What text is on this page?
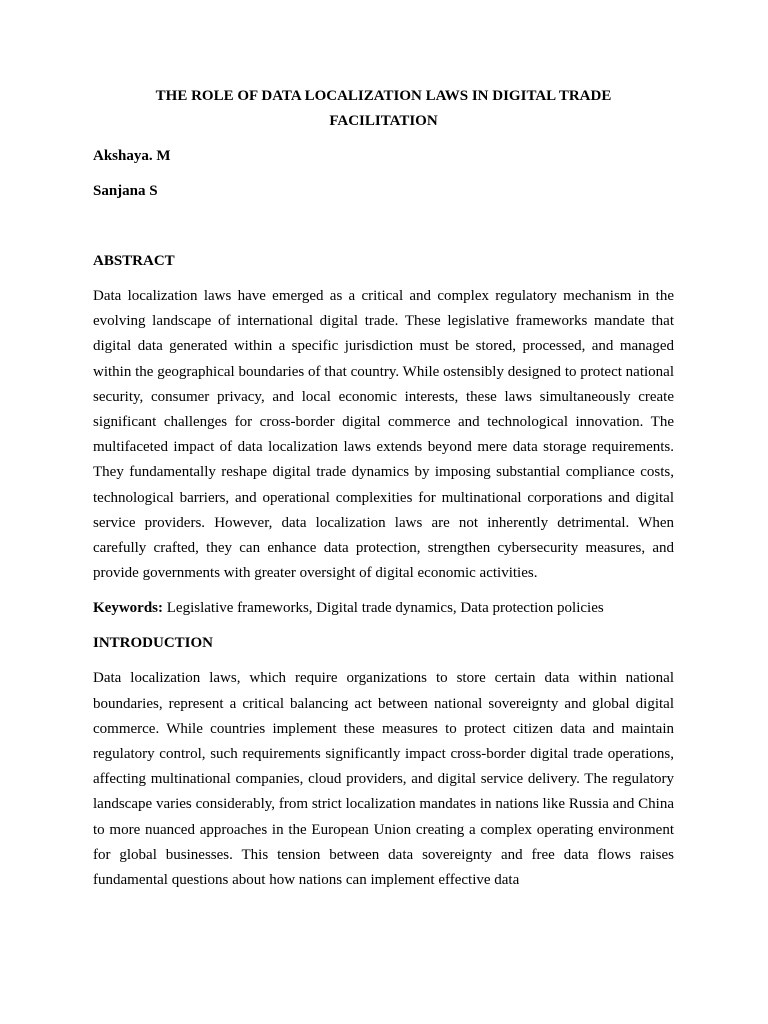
THE ROLE OF DATA LOCALIZATION LAWS IN DIGITAL TRADE FACILITATION

Akshaya. M

Sanjana S

ABSTRACT

Data localization laws have emerged as a critical and complex regulatory mechanism in the evolving landscape of international digital trade. These legislative frameworks mandate that digital data generated within a specific jurisdiction must be stored, processed, and managed within the geographical boundaries of that country. While ostensibly designed to protect national security, consumer privacy, and local economic interests, these laws simultaneously create significant challenges for cross-border digital commerce and technological innovation. The multifaceted impact of data localization laws extends beyond mere data storage requirements. They fundamentally reshape digital trade dynamics by imposing substantial compliance costs, technological barriers, and operational complexities for multinational corporations and digital service providers. However, data localization laws are not inherently detrimental. When carefully crafted, they can enhance data protection, strengthen cybersecurity measures, and provide governments with greater oversight of digital economic activities.

Keywords: Legislative frameworks, Digital trade dynamics, Data protection policies

INTRODUCTION

Data localization laws, which require organizations to store certain data within national boundaries, represent a critical balancing act between national sovereignty and global digital commerce. While countries implement these measures to protect citizen data and maintain regulatory control, such requirements significantly impact cross-border digital trade operations, affecting multinational companies, cloud providers, and digital service delivery. The regulatory landscape varies considerably, from strict localization mandates in nations like Russia and China to more nuanced approaches in the European Union creating a complex operating environment for global businesses. This tension between data sovereignty and free data flows raises fundamental questions about how nations can implement effective data
